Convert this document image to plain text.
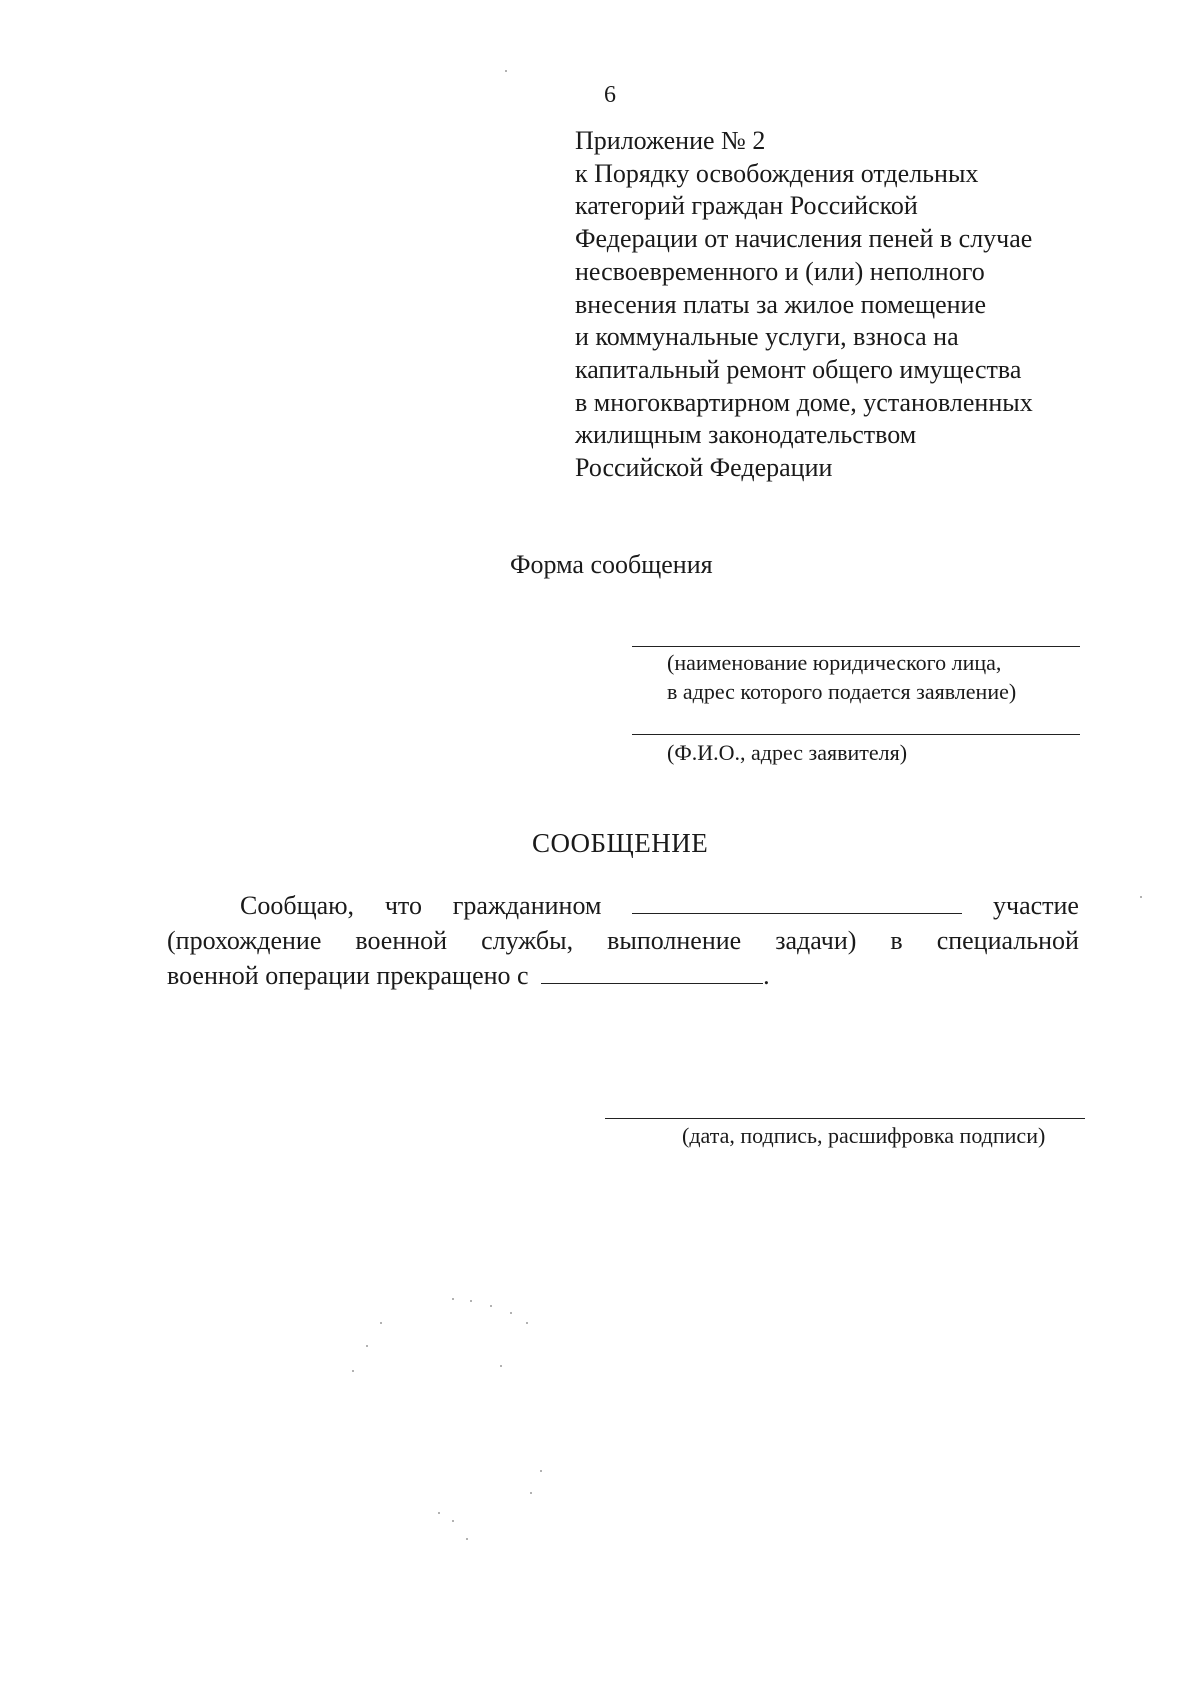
6
Приложение № 2
к Порядку освобождения отдельных
категорий граждан Российской
Федерации от начисления пеней в случае
несвоевременного и (или) неполного
внесения платы за жилое помещение
и коммунальные услуги, взноса на
капитальный ремонт общего имущества
в многоквартирном доме, установленных
жилищным законодательством
Российской Федерации
Форма сообщения
(наименование юридического лица,
в адрес которого подается заявление)
(Ф.И.О., адрес заявителя)
СООБЩЕНИЕ
Сообщаю, что гражданином	участие
(прохождение военной службы, выполнение задачи) в специальной
военной операции прекращено с	.
(дата, подпись, расшифровка подписи)
